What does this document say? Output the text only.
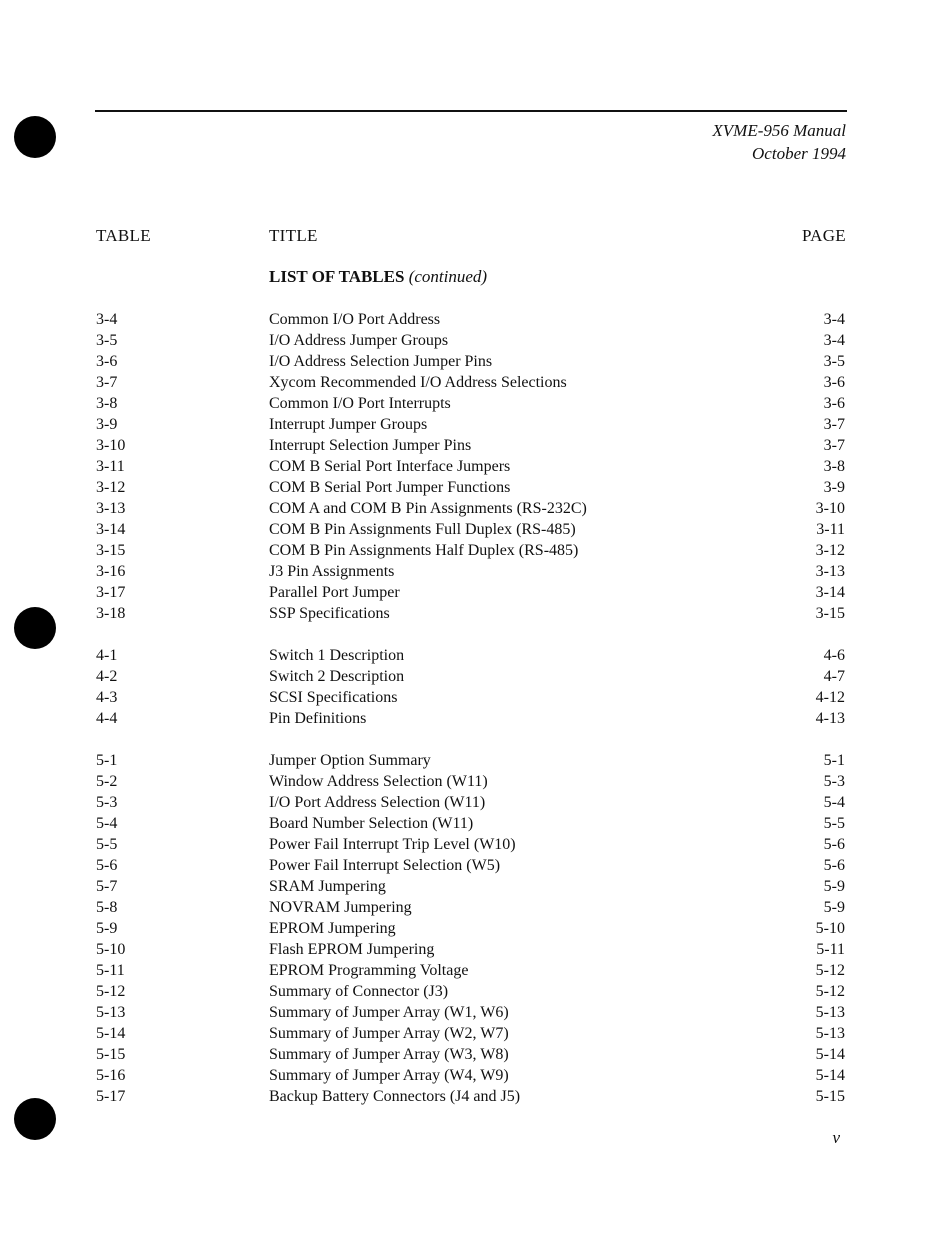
XVME-956 Manual
October 1994
TABLE	TITLE	PAGE
LIST OF TABLES (continued)
3-4	Common I/O Port Address	3-4
3-5	I/O Address Jumper Groups	3-4
3-6	I/O Address Selection Jumper Pins	3-5
3-7	Xycom Recommended I/O Address Selections	3-6
3-8	Common I/O Port Interrupts	3-6
3-9	Interrupt Jumper Groups	3-7
3-10	Interrupt Selection Jumper Pins	3-7
3-11	COM B Serial Port Interface Jumpers	3-8
3-12	COM B Serial Port Jumper Functions	3-9
3-13	COM A and COM B Pin Assignments (RS-232C)	3-10
3-14	COM B Pin Assignments Full Duplex (RS-485)	3-11
3-15	COM B Pin Assignments Half Duplex (RS-485)	3-12
3-16	J3 Pin Assignments	3-13
3-17	Parallel Port Jumper	3-14
3-18	SSP Specifications	3-15
4-1	Switch 1 Description	4-6
4-2	Switch 2 Description	4-7
4-3	SCSI Specifications	4-12
4-4	Pin Definitions	4-13
5-1	Jumper Option Summary	5-1
5-2	Window Address Selection (W11)	5-3
5-3	I/O Port Address Selection (W11)	5-4
5-4	Board Number Selection (W11)	5-5
5-5	Power Fail Interrupt Trip Level (W10)	5-6
5-6	Power Fail Interrupt Selection (W5)	5-6
5-7	SRAM Jumpering	5-9
5-8	NOVRAM Jumpering	5-9
5-9	EPROM Jumpering	5-10
5-10	Flash EPROM Jumpering	5-11
5-11	EPROM Programming Voltage	5-12
5-12	Summary of Connector (J3)	5-12
5-13	Summary of Jumper Array (W1, W6)	5-13
5-14	Summary of Jumper Array (W2, W7)	5-13
5-15	Summary of Jumper Array (W3, W8)	5-14
5-16	Summary of Jumper Array (W4, W9)	5-14
5-17	Backup Battery Connectors (J4 and J5)	5-15
v
